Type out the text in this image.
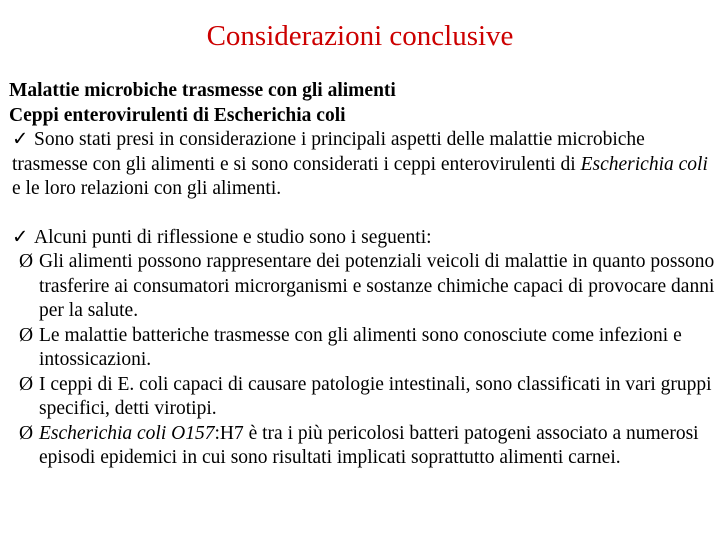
Considerazioni conclusive
Malattie microbiche trasmesse con gli alimenti
Ceppi enterovirulenti di Escherichia coli
✓ Sono stati presi in considerazione i principali aspetti delle malattie microbiche trasmesse con gli alimenti e si sono considerati i ceppi enterovirulenti di Escherichia coli e le loro relazioni con gli alimenti.
✓ Alcuni punti di riflessione e studio sono i seguenti:
Ø Gli alimenti possono rappresentare dei potenziali veicoli di malattie in quanto possono trasferire ai consumatori microrganismi e sostanze chimiche capaci di provocare danni per la salute.
Ø Le malattie batteriche trasmesse con gli alimenti sono conosciute come infezioni e intossicazioni.
Ø I ceppi di E. coli capaci di causare patologie intestinali, sono classificati in vari gruppi specifici, detti virotipi.
Ø Escherichia coli O157:H7 è tra i più pericolosi batteri patogeni associato a numerosi episodi epidemici in cui sono risultati implicati soprattutto alimenti carnei.
